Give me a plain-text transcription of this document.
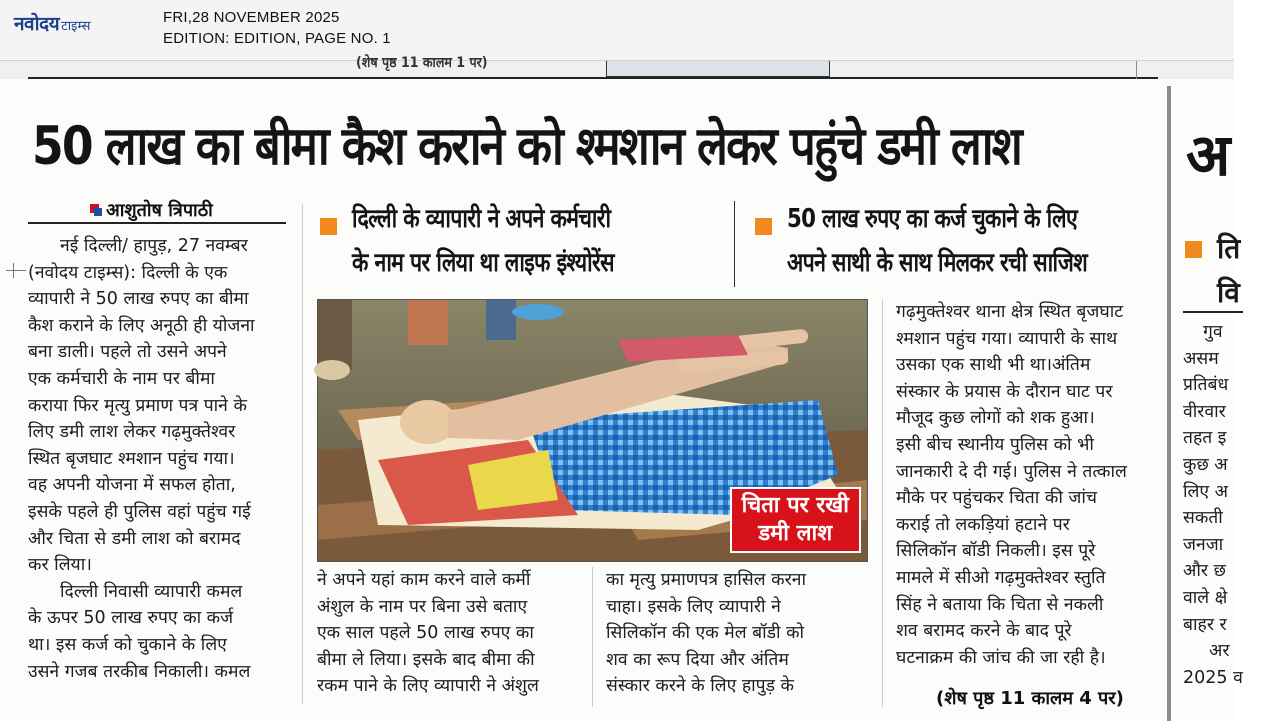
नवोदय टाइम्स
FRI,28 NOVEMBER 2025
EDITION: EDITION, PAGE NO. 1
(शेष पृष्ठ 11 कालम 1 पर)
50 लाख का बीमा कैश कराने को श्मशान लेकर पहुंचे डमी लाश
आशुतोष त्रिपाठी	दिल्ली के व्यापारी ने अपने कर्मचारी
के नाम पर लिया था लाइफ इंश्योरेंस
50 लाख रुपए का कर्ज चुकाने के लिए
अपने साथी के साथ मिलकर रची साजिश

नई दिल्ली/ हापुड़, 27 नवम्बर

(नवोदय टाइम्स): दिल्ली के एक

व्यापारी ने 50 लाख रुपए का बीमा

कैश कराने के लिए अनूठी ही योजना

बना डाली। पहले तो उसने अपने

एक कर्मचारी के नाम पर बीमा

कराया फिर मृत्यु प्रमाण पत्र पाने के

लिए डमी लाश लेकर गढ़मुक्तेश्वर

स्थित बृजघाट श्मशान पहुंच गया।

वह अपनी योजना में सफल होता,

इसके पहले ही पुलिस वहां पहुंच गई

और चिता से डमी लाश को बरामद

कर लिया।

दिल्ली निवासी व्यापारी कमल

के ऊपर 50 लाख रुपए का कर्ज

था। इस कर्ज को चुकाने के लिए

उसने गजब तरकीब निकाली। कमल

चिता पर रखी
डमी लाश

ने अपने यहां काम करने वाले कर्मी

अंशुल के नाम पर बिना उसे बताए

एक साल पहले 50 लाख रुपए का

बीमा ले लिया। इसके बाद बीमा की

रकम पाने के लिए व्यापारी ने अंशुल

का मृत्यु प्रमाणपत्र हासिल करना

चाहा। इसके लिए व्यापारी ने

सिलिकॉन की एक मेल बॉडी को

शव का रूप दिया और अंतिम

संस्कार करने के लिए हापुड़ के

गढ़मुक्तेश्वर थाना क्षेत्र स्थित बृजघाट

श्मशान पहुंच गया। व्यापारी के साथ

उसका एक साथी भी था।अंतिम

संस्कार के प्रयास के दौरान घाट पर

मौजूद कुछ लोगों को शक हुआ।

इसी बीच स्थानीय पुलिस को भी

जानकारी दे दी गई। पुलिस ने तत्काल

मौके पर पहुंचकर चिता की जांच

कराई तो लकड़ियां हटाने पर

सिलिकॉन बॉडी निकली। इस पूरे

मामले में सीओ गढ़मुक्तेश्वर स्तुति

सिंह ने बताया कि चिता से नकली

शव बरामद करने के बाद पूरे

घटनाक्रम की जांच की जा रही है।

(शेष पृष्ठ 11 कालम 4 पर)
अ
ति
वि

गुव

असम

प्रतिबंध

वीरवार

तहत इ

कुछ अ

लिए अ

सकती

जनजा

और छ

वाले क्षे

बाहर र

अर

2025 व
